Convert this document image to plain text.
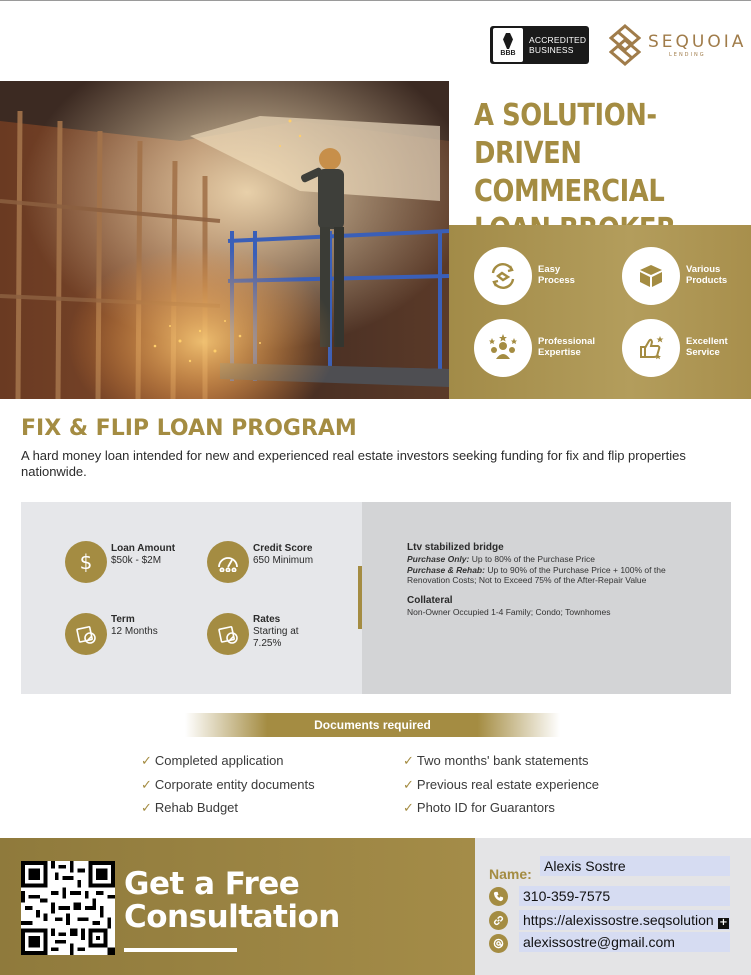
BBB
ACCREDITED BUSINESS	SEQUOIA
LENDING
A SOLUTION-DRIVEN COMMERCIAL
Easy Process
Various Products
Professional Expertise
Excellent Service
FIX & FLIP LOAN PROGRAM
A hard money loan intended for new and experienced real estate investors seeking funding for fix and flip properties nationwide.
$
Loan Amount
$50k - $2M
Credit Score
650 Minimum
Term
12 Months
Rates
Starting at 7.25%
Ltv stabilized bridge
Purchase Only: Up to 80% of the Purchase Price
Purchase & Rehab: Up to 90% of the Purchase Price + 100% of the Renovation Costs; Not to Exceed 75% of the After-Repair Value
Collateral
Non-Owner Occupied 1-4 Family; Condo; Townhomes
Documents required
✓ Completed application
✓ Corporate entity documents
✓ Rehab Budget
✓ Two months' bank statements
✓ Previous real estate experience
✓ Photo ID for Guarantors
Get a Free
Consultation
Name: Alexis Sostre
310-359-7575
https://alexissostre.seqsolution +
alexissostre@gmail.com
